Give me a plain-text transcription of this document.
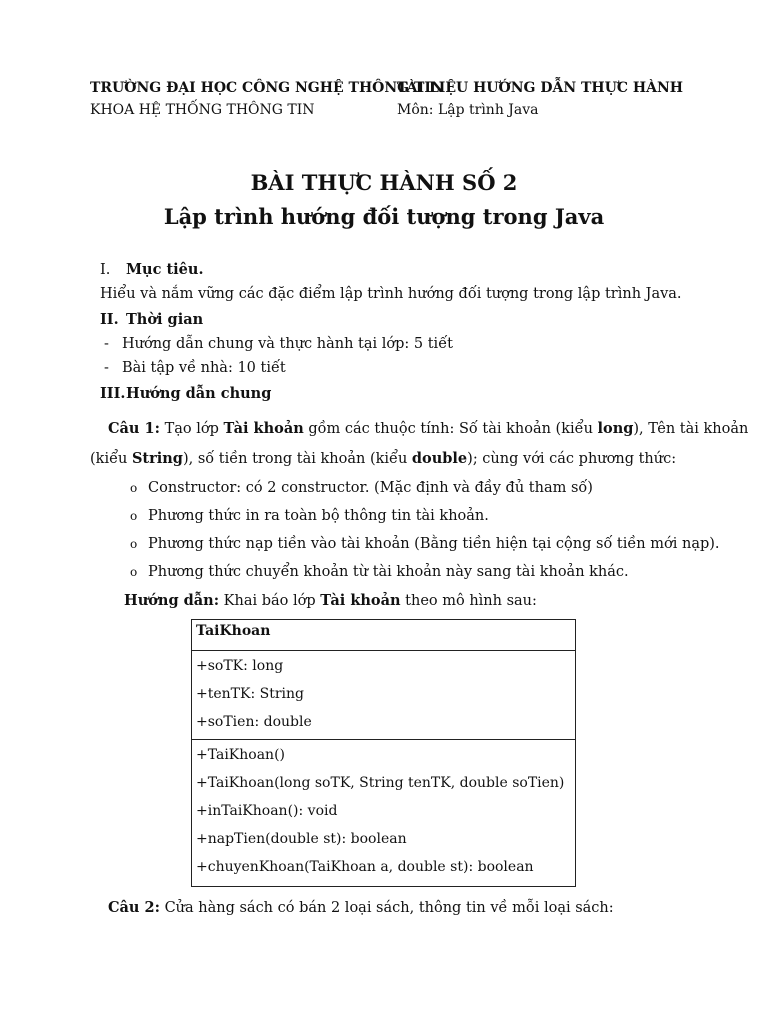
TRƯỜNG ĐẠI HỌC CÔNG NGHỆ THÔNG TIN
KHOA HỆ THỐNG THÔNG TIN
TÀI LIỆU HƯỚNG DẪN THỰC HÀNH
Môn: Lập trình Java
BÀI THỰC HÀNH SỐ 2
Lập trình hướng đối tượng trong Java
I. Mục tiêu.
Hiểu và nắm vững các đặc điểm lập trình hướng đối tượng trong lập trình Java.
II. Thời gian
- Hướng dẫn chung và thực hành tại lớp: 5 tiết
- Bài tập về nhà: 10 tiết
III.Hướng dẫn chung
Câu 1: Tạo lớp Tài khoản gồm các thuộc tính: Số tài khoản (kiểu long), Tên tài khoản
(kiểu String), số tiền trong tài khoản (kiểu double); cùng với các phương thức:
o Constructor: có 2 constructor. (Mặc định và đầy đủ tham số)
o Phương thức in ra toàn bộ thông tin tài khoản.
o Phương thức nạp tiền vào tài khoản (Bằng tiền hiện tại cộng số tiền mới nạp).
o Phương thức chuyển khoản từ tài khoản này sang tài khoản khác.
Hướng dẫn: Khai báo lớp Tài khoản theo mô hình sau:
TaiKhoan
+soTK: long
+tenTK: String
+soTien: double
+TaiKhoan()
+TaiKhoan(long soTK, String tenTK, double soTien)
+inTaiKhoan(): void
+napTien(double st): boolean
+chuyenKhoan(TaiKhoan a, double st): boolean
Câu 2: Cửa hàng sách có bán 2 loại sách, thông tin về mỗi loại sách:
